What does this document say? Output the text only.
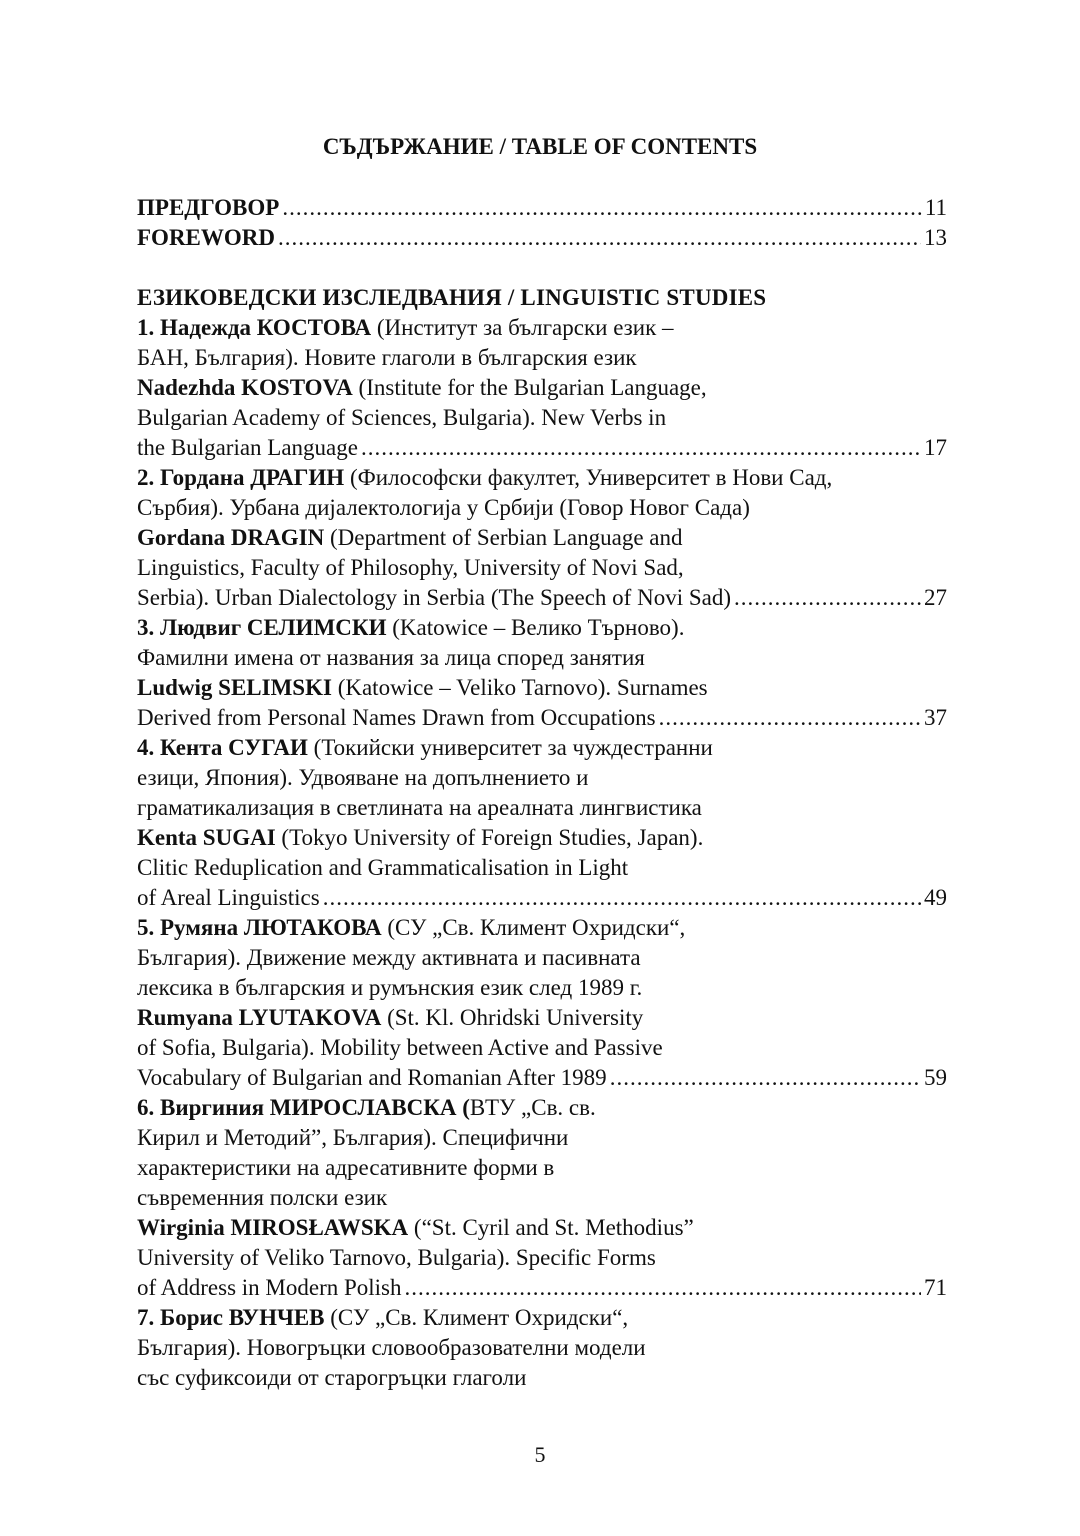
СЪДЪРЖАНИЕ / TABLE OF CONTENTS
ПРЕДГОВОР .....	11
FOREWORD .....	13
ЕЗИКОВЕДСКИ ИЗСЛЕДВАНИЯ / LINGUISTIC STUDIES
1. Надежда КОСТОВА (Институт за български език –
БАН, България). Новите глаголи в българския език
Nadezhda KOSTOVA (Institute for the Bulgarian Language,
Bulgarian Academy of Sciences, Bulgaria). New Verbs in
the Bulgarian Language .....	17
2. Гордана ДРАГИН (Философски факултет, Университет в Нови Сад,
Сърбия). Урбана дијалектологија у Србији (Говор Новог Сада)
Gordana DRAGIN (Department of Serbian Language and
Linguistics, Faculty of Philosophy, University of Novi Sad,
Serbia). Urban Dialectology in Serbia (The Speech of Novi Sad) .....	27
3. Людвиг СЕЛИМСКИ (Katowice – Велико Търново).
Фамилни имена от названия за лица според занятия
Ludwig SELIMSKI (Katowice – Veliko Tarnovo). Surnames
Derived from Personal Names Drawn from Occupations .....	37
4. Кента СУГАИ (Токийски университет за чуждестранни
езици, Япония). Удвояване на допълнението и
граматикализация в светлината на ареалната лингвистика
Kenta SUGAI (Tokyo University of Foreign Studies, Japan).
Clitic Reduplication and Grammaticalisation in Light
of Areal Linguistics .....	49
5. Румяна ЛЮТАКОВА (СУ „Св. Климент Охридски“,
България). Движение между активната и пасивната
лексика в българския и румънския език след 1989 г.
Rumyana LYUTAKOVA (St. Kl. Ohridski University
of Sofia, Bulgaria). Mobility between Active and Passive
Vocabulary of Bulgarian and Romanian After 1989 .....	59
6. Виргиния МИРОСЛАВСКА (ВТУ „Св. св.
Кирил и Методий”, България). Специфични
характеристики на адресативните форми в
съвременния полски език
Wirginia MIROSŁAWSKA (“St. Cyril and St. Methodius”
University of Veliko Tarnovo, Bulgaria). Specific Forms
of Address in Modern Polish .....	71
7. Борис ВУНЧЕВ (СУ „Св. Климент Охридски“,
България). Новогръцки словообразователни модели
със суфиксоиди от старогръцки глаголи
5
